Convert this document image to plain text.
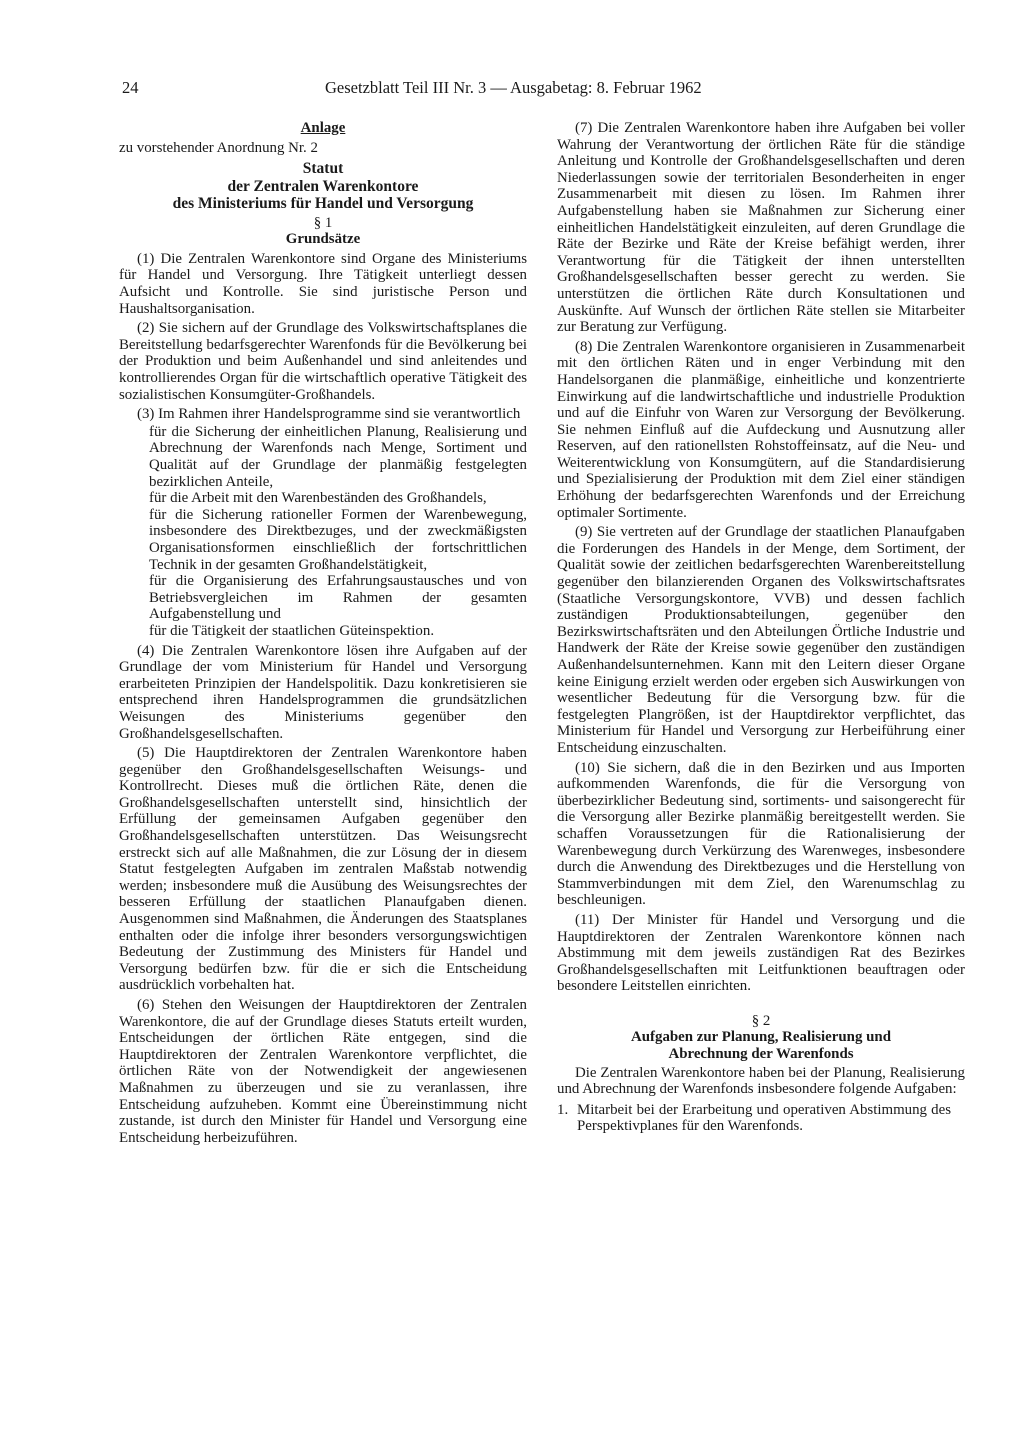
24	Gesetzblatt Teil III Nr. 3 — Ausgabetag: 8. Februar 1962

Anlage

zu vorstehender Anordnung Nr. 2

Statut

der Zentralen Warenkontore

des Ministeriums für Handel und Versorgung

§ 1

Grundsätze

(1) Die Zentralen Warenkontore sind Organe des Ministeriums für Handel und Versorgung. Ihre Tätigkeit unterliegt dessen Aufsicht und Kontrolle. Sie sind juristische Person und Haushaltsorganisation.

(2) Sie sichern auf der Grundlage des Volkswirtschaftsplanes die Bereitstellung bedarfsgerechter Warenfonds für die Bevölkerung bei der Produktion und beim Außenhandel und sind anleitendes und kontrollierendes Organ für die wirtschaftlich operative Tätigkeit des sozialistischen Konsumgüter-Großhandels.

(3) Im Rahmen ihrer Handelsprogramme sind sie verantwortlich

für die Sicherung der einheitlichen Planung, Realisierung und Abrechnung der Warenfonds nach Menge, Sortiment und Qualität auf der Grundlage der planmäßig festgelegten bezirklichen Anteile,

für die Arbeit mit den Warenbeständen des Großhandels,

für die Sicherung rationeller Formen der Warenbewegung, insbesondere des Direktbezuges, und der zweckmäßigsten Organisationsformen einschließlich der fortschrittlichen Technik in der gesamten Großhandelstätigkeit,

für die Organisierung des Erfahrungsaustausches und von Betriebsvergleichen im Rahmen der gesamten Aufgabenstellung und

für die Tätigkeit der staatlichen Güteinspektion.

(4) Die Zentralen Warenkontore lösen ihre Aufgaben auf der Grundlage der vom Ministerium für Handel und Versorgung erarbeiteten Prinzipien der Handelspolitik. Dazu konkretisieren sie entsprechend ihren Handelsprogrammen die grundsätzlichen Weisungen des Ministeriums gegenüber den Großhandelsgesellschaften.

(5) Die Hauptdirektoren der Zentralen Warenkontore haben gegenüber den Großhandelsgesellschaften Weisungs- und Kontrollrecht. Dieses muß die örtlichen Räte, denen die Großhandelsgesellschaften unterstellt sind, hinsichtlich der Erfüllung der gemeinsamen Aufgaben gegenüber den Großhandelsgesellschaften unterstützen. Das Weisungsrecht erstreckt sich auf alle Maßnahmen, die zur Lösung der in diesem Statut festgelegten Aufgaben im zentralen Maßstab notwendig werden; insbesondere muß die Ausübung des Weisungsrechtes der besseren Erfüllung der staatlichen Planaufgaben dienen. Ausgenommen sind Maßnahmen, die Änderungen des Staatsplanes enthalten oder die infolge ihrer besonders versorgungswichtigen Bedeutung der Zustimmung des Ministers für Handel und Versorgung bedürfen bzw. für die er sich die Entscheidung ausdrücklich vorbehalten hat.

(6) Stehen den Weisungen der Hauptdirektoren der Zentralen Warenkontore, die auf der Grundlage dieses Statuts erteilt wurden, Entscheidungen der örtlichen Räte entgegen, sind die Hauptdirektoren der Zentralen Warenkontore verpflichtet, die örtlichen Räte von der Notwendigkeit der angewiesenen Maßnahmen zu überzeugen und sie zu veranlassen, ihre Entscheidung aufzuheben. Kommt eine Übereinstimmung nicht zustande, ist durch den Minister für Handel und Versorgung eine Entscheidung herbeizuführen.

(7) Die Zentralen Warenkontore haben ihre Aufgaben bei voller Wahrung der Verantwortung der örtlichen Räte für die ständige Anleitung und Kontrolle der Großhandelsgesellschaften und deren Niederlassungen sowie der territorialen Besonderheiten in enger Zusammenarbeit mit diesen zu lösen. Im Rahmen ihrer Aufgabenstellung haben sie Maßnahmen zur Sicherung einer einheitlichen Handelstätigkeit einzuleiten, auf deren Grundlage die Räte der Bezirke und Räte der Kreise befähigt werden, ihrer Verantwortung für die Tätigkeit der ihnen unterstellten Großhandelsgesellschaften besser gerecht zu werden. Sie unterstützen die örtlichen Räte durch Konsultationen und Auskünfte. Auf Wunsch der örtlichen Räte stellen sie Mitarbeiter zur Beratung zur Verfügung.

(8) Die Zentralen Warenkontore organisieren in Zusammenarbeit mit den örtlichen Räten und in enger Verbindung mit den Handelsorganen die planmäßige, einheitliche und konzentrierte Einwirkung auf die landwirtschaftliche und industrielle Produktion und auf die Einfuhr von Waren zur Versorgung der Bevölkerung. Sie nehmen Einfluß auf die Aufdeckung und Ausnutzung aller Reserven, auf den rationellsten Rohstoffeinsatz, auf die Neu- und Weiterentwicklung von Konsumgütern, auf die Standardisierung und Spezialisierung der Produktion mit dem Ziel einer ständigen Erhöhung der bedarfsgerechten Warenfonds und der Erreichung optimaler Sortimente.

(9) Sie vertreten auf der Grundlage der staatlichen Planaufgaben die Forderungen des Handels in der Menge, dem Sortiment, der Qualität sowie der zeitlichen bedarfsgerechten Warenbereitstellung gegenüber den bilanzierenden Organen des Volkswirtschaftsrates (Staatliche Versorgungskontore, VVB) und dessen fachlich zuständigen Produktionsabteilungen, gegenüber den Bezirkswirtschaftsräten und den Abteilungen Örtliche Industrie und Handwerk der Räte der Kreise sowie gegenüber den zuständigen Außenhandelsunternehmen. Kann mit den Leitern dieser Organe keine Einigung erzielt werden oder ergeben sich Auswirkungen von wesentlicher Bedeutung für die Versorgung bzw. für die festgelegten Plangrößen, ist der Hauptdirektor verpflichtet, das Ministerium für Handel und Versorgung zur Herbeiführung einer Entscheidung einzuschalten.

(10) Sie sichern, daß die in den Bezirken und aus Importen aufkommenden Warenfonds, die für die Versorgung von überbezirklicher Bedeutung sind, sortiments- und saisongerecht für die Versorgung aller Bezirke planmäßig bereitgestellt werden. Sie schaffen Voraussetzungen für die Rationalisierung der Warenbewegung durch Verkürzung des Warenweges, insbesondere durch die Anwendung des Direktbezuges und die Herstellung von Stammverbindungen mit dem Ziel, den Warenumschlag zu beschleunigen.

(11) Der Minister für Handel und Versorgung und die Hauptdirektoren der Zentralen Warenkontore können nach Abstimmung mit dem jeweils zuständigen Rat des Bezirkes Großhandelsgesellschaften mit Leitfunktionen beauftragen oder besondere Leitstellen einrichten.

§ 2

Aufgaben zur Planung, Realisierung und

Abrechnung der Warenfonds

Die Zentralen Warenkontore haben bei der Planung, Realisierung und Abrechnung der Warenfonds insbesondere folgende Aufgaben:

1. Mitarbeit bei der Erarbeitung und operativen Abstimmung des Perspektivplanes für den Warenfonds.
